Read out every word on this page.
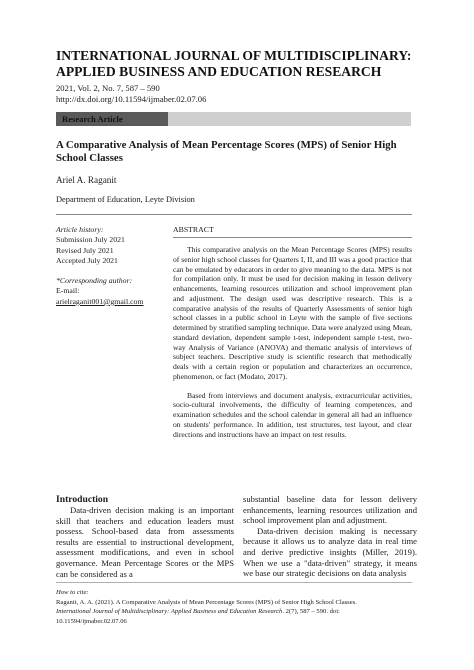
INTERNATIONAL JOURNAL OF MULTIDISCIPLINARY: APPLIED BUSINESS AND EDUCATION RESEARCH
2021, Vol. 2, No. 7, 587 – 590
http://dx.doi.org/10.11594/ijmaber.02.07.06
Research Article
A Comparative Analysis of Mean Percentage Scores (MPS) of Senior High School Classes
Ariel A. Raganit
Department of Education, Leyte Division
Article history:
Submission July 2021
Revised July 2021
Accepted July 2021
*Corresponding author:
E-mail:
arielraganit001@gmail.com
ABSTRACT

This comparative analysis on the Mean Percentage Scores (MPS) results of senior high school classes for Quarters I, II, and III was a good practice that can be emulated by educators in order to give meaning to the data. MPS is not for compilation only. It must be used for decision making in lesson delivery enhancements, learning resources utilization and school improvement plan and adjustment. The design used was descriptive research. This is a comparative analysis of the results of Quarterly Assessments of senior high school classes in a public school in Leyte with the sample of five sections determined by stratified sampling technique. Data were analyzed using Mean, standard deviation, dependent sample t-test, independent sample t-test, two-way Analysis of Variance (ANOVA) and thematic analysis of interviews of subject teachers. Descriptive study is scientific research that methodically deals with a certain region or population and characterizes an occurrence, phenomenon, or fact (Modato, 2017).

Based from interviews and document analysis, extracurricular activities, socio-cultural involvements, the difficulty of learning competences, and examination schedules and the school calendar in general all had an influence on students' performance. In addition, test structures, test layout, and clear directions and instructions have an impact on test results.

Introduction

Data-driven decision making is an important skill that teachers and education leaders must possess. School-based data from assessments results are essential to instructional development, assessment modifications, and even in school governance. Mean Percentage Scores or the MPS can be considered as a

substantial baseline data for lesson delivery enhancements, learning resources utilization and school improvement plan and adjustment.

Data-driven decision making is necessary because it allows us to analyze data in real time and derive predictive insights (Miller, 2019). When we use a "data-driven" strategy, it means we base our strategic decisions on data analysis

How to cite:
Raganit, A. A. (2021). A Comparative Analysis of Mean Percentage Scores (MPS) of Senior High School Classes.
International Journal of Multidisciplinary: Applied Business and Education Research. 2(7), 587 – 590. doi:
10.11594/ijmaber.02.07.06
